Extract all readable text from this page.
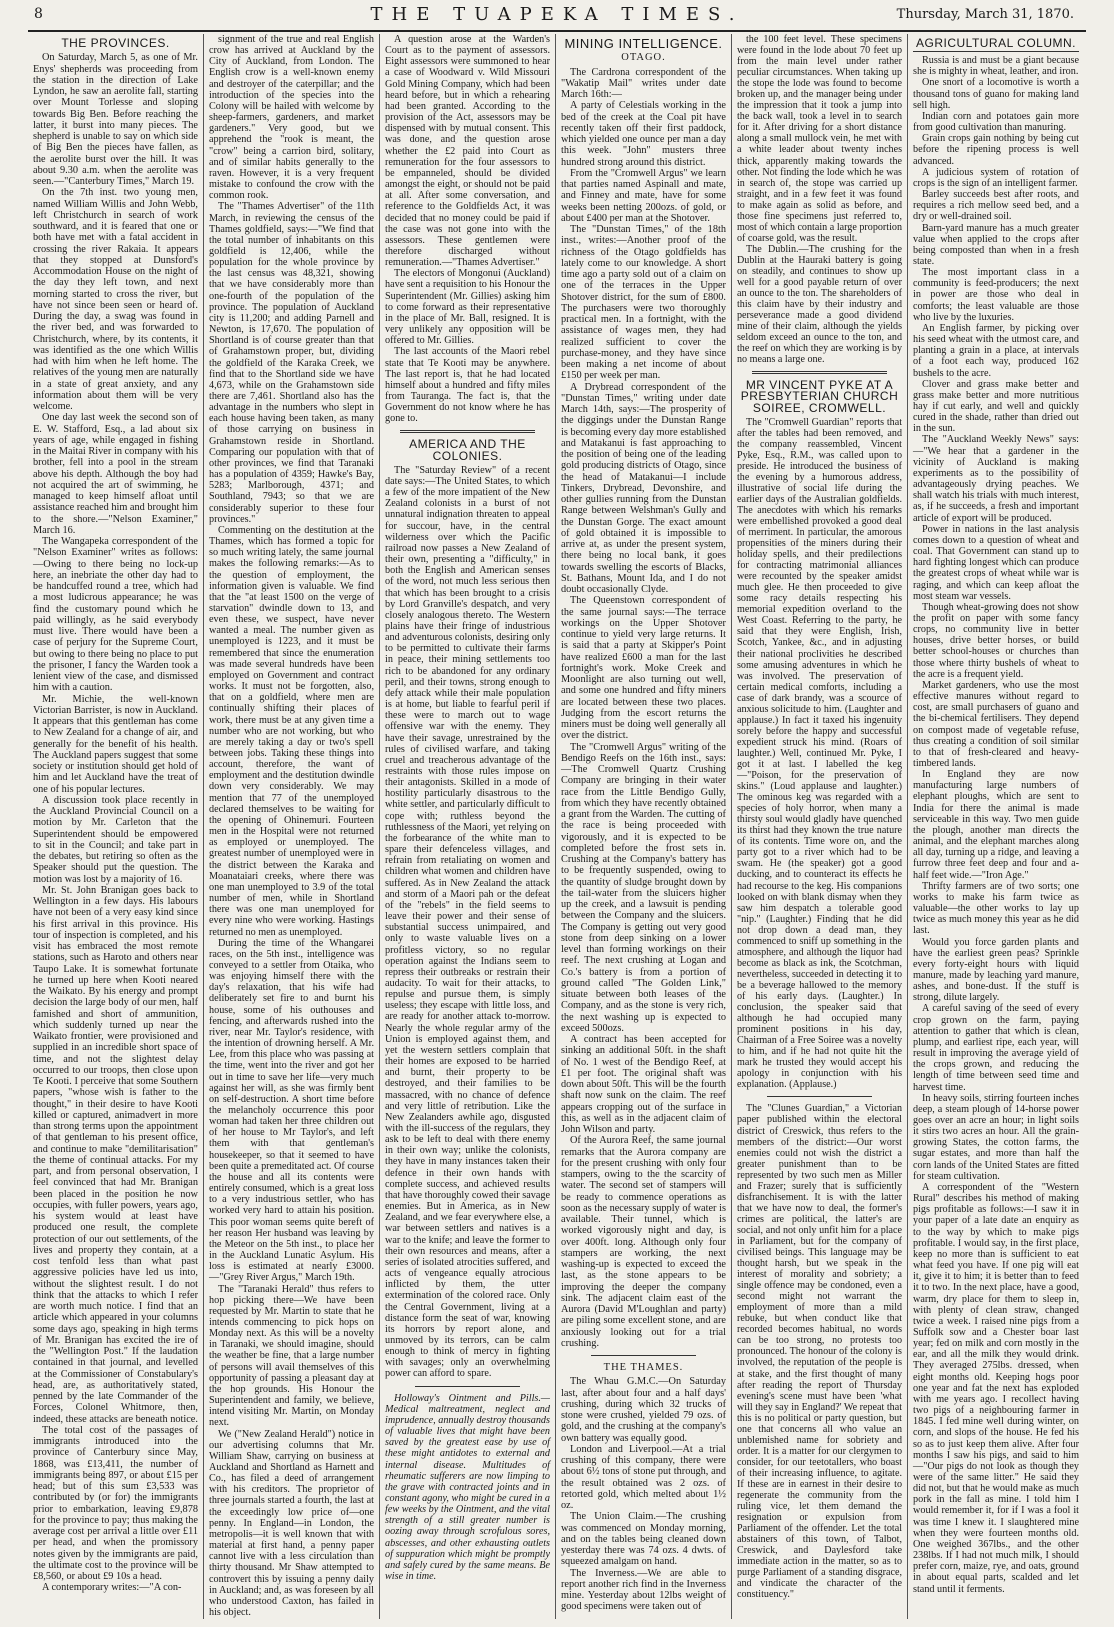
8	THE TUAPEKA TIMES.	Thursday, March 31, 1870.
THE PROVINCES.

On Saturday, March 5, as one of Mr. Enys' shepherds was proceeding from the station in the direction of Lake Lyndon, he saw an aerolite fall, starting over Mount Torlesse and sloping towards Big Ben. Before reaching the latter, it burst into many pieces. The shepherd is unable to say on which side of Big Ben the pieces have fallen, as the aerolite burst over the hill. It was about 9.30 a.m. when the aerolite was seen.—"Canterbury Times," March 19.

On the 7th inst. two young men, named William Willis and John Webb, left Christchurch in search of work southward, and it is feared that one or both have met with a fatal accident in crossing the river Rakaia. It appears that they stopped at Dunsford's Accommodation House on the night of the day they left town, and next morning started to cross the river, but have not since been seen or heard of. During the day, a swag was found in the river bed, and was forwarded to Christchurch, where, by its contents, it was identified as the one which Willis had with him when he left home. The relatives of the young men are naturally in a state of great anxiety, and any information about them will be very welcome.

One day last week the second son of E. W. Stafford, Esq., a lad about six years of age, while engaged in fishing in the Maitai River in company with his brother, fell into a pool in the stream above his depth. Although the boy had not acquired the art of swimming, he managed to keep himself afloat until assistance reached him and brought him to the shore.—"Nelson Examiner," March 16.

The Wangapeka correspondent of the "Nelson Examiner" writes as follows:—Owing to there being no lock-up here, an inebriate the other day had to be handcuffed round a tree, which had a most ludicrous appearance; he was find the customary pound which he paid willingly, as he said everybody must live. There would have been a case of perjury for the Supreme Court, but owing to there being no place to put the prisoner, I fancy the Warden took a lenient view of the case, and dismissed him with a caution.

Mr. Michie, the well-known Victorian Barrister, is now in Auckland. It appears that this gentleman has come to New Zealand for a change of air, and generally for the benefit of his health. The Auckland papers suggest that some society or institution should get hold of him and let Auckland have the treat of one of his popular lectures.

A discussion took place recently in the Auckland Provincial Council on a motion by Mr. Carleton that the Superintendent should be empowered to sit in the Council; and take part in the debates, but retiring so often as the Speaker should put the question. The motion was lost by a majority of 16.

Mr. St. John Branigan goes back to Wellington in a few days. His labours have not been of a very easy kind since his first arrival in this province. His tour of inspection is completed, and his visit has embraced the most remote stations, such as Haroto and others near Taupo Lake. It is somewhat fortunate he turned up here when Kooti neared the Waikato. By his energy and prompt decision the large body of our men, half famished and short of ammunition, which suddenly turned up near the Waikato frontier, were provisioned and supplied in an incredible short space of time, and not the slightest delay occurred to our troops, then close upon Te Kooti. I perceive that some Southern papers, "whose wish is father to the thought," in their desire to have Kooti killed or captured, animadvert in more than strong terms upon the appointment of that gentleman to his present office, and continue to make "demilitarisation" the theme of continual attacks. For my part, and from personal observation, I feel convinced that had Mr. Branigan been placed in the position he now occupies, with fuller powers, years ago, his system would at least have produced one result, the complete protection of our out settlements, of the lives and property they contain, at a cost tenfold less than what past aggressive policies have led us into, without the slightest result. I do not think that the attacks to which I refer are worth much notice. I find that an article which appeared in your columns some days ago, speaking in high terms of Mr. Branigan has excited the ire of the "Wellington Post." If the laudation contained in that journal, and levelled at the Commissioner of Constabulary's head, are, as authoritatively stated, penned by the late Commander of the Forces, Colonel Whitmore, then, indeed, these attacks are beneath notice.

The total cost of the passages of immigrants introduced into the province of Canterbury since May, 1868, was £13,411, the number of immigrants being 897, or about £15 per head; but of this sum £3,533 was contributed by (or for) the immigrants prior to embarkation, leaving £9,878 for the province to pay; thus making the average cost per arrival a little over £11 per head, and when the promissory notes given by the immigrants are paid, the ultimate cost to the province will be £8,560, or about £9 10s a head.

A contemporary writes:—"A con-

signment of the true and real English crow has arrived at Auckland by the City of Auckland, from London. The English crow is a well-known enemy and destroyer of the caterpillar; and the introduction of the species into the Colony will be hailed with welcome by sheep-farmers, gardeners, and market gardeners." Very good, but we apprehend the "rook is meant, the "crow" being a carrion bird, solitary, and of similar habits generally to the raven. However, it is a very frequent mistake to confound the crow with the common rook.

The "Thames Advertiser" of the 11th March, in reviewing the census of the Thames goldfield, says:—"We find that the total number of inhabitants on this goldfield is 12,406, while the population for the whole province by the last census was 48,321, showing that we have considerably more than one-fourth of the population of the province. The population of Auckland city is 11,200; and adding Parnell and Newton, is 17,670. The population of Shortland is of course greater than that of Grahamstown proper, but, dividing the goldfield of the Karaka Creek, we find that to the Shortland side we have 4,673, while on the Grahamstown side there are 7,461. Shortland also has the advantage in the numbers who slept in each house having been taken, as many of those carrying on business in Grahamstown reside in Shortland. Comparing our population with that of other provinces, we find that Taranaki has a population of 4359; Hawke's Bay, 5283; Marlborough, 4371; and Southland, 7943; so that we are considerably superior to these four provinces."

Commenting on the destitution at the Thames, which has formed a topic for so much writing lately, the same journal makes the following remarks:—As to the question of employment, the information given is valuable. We find that the "at least 1500 on the verge of starvation" dwindle down to 13, and even these, we suspect, have never wanted a meal. The number given as unemployed is 1223, and it must be remembered that since the enumeration was made several hundreds have been employed on Government and contract works. It must not be forgotten, also, that on a goldfield, where men are continually shifting their places of work, there must be at any given time a number who are not working, but who are merely taking a day or two's spell between jobs. Taking these things into account, therefore, the want of employment and the destitution dwindle down very considerably. We may mention that 77 of the unemployed declared themselves to be waiting for the opening of Ohinemuri. Fourteen men in the Hospital were not returned as employed or unemployed. The greatest number of unemployed were in the district between the Karaka and Moanataiari creeks, where there was one man unemployed to 3.9 of the total number of men, while in Shortland there was one man unemployed for every nine who were working. Hastings returned no men as unemployed.

During the time of the Whangarei races, on the 5th inst., intelligence was conveyed to a settler from Otaika, who was enjoying himself there with the day's relaxation, that his wife had deliberately set fire to and burnt his house, some of his outhouses and fencing, and afterwards rushed into the river, near Mr. Taylor's residence, with the intention of drowning herself. A Mr. Lee, from this place who was passing at the time, went into the river and got her out in time to save her life—very much against her will, as she was firmly bent on self-destruction. A short time before the melancholy occurrence this poor woman had taken her three children out of her house to Mr Taylor's, and left them with that gentleman's housekeeper, so that it seemed to have been quite a premeditated act. Of course the house and all its contents were entirely consumed, which is a great loss to a very industrious settler, who has worked very hard to attain his position. This poor woman seems quite bereft of her reason Her husband was leaving by the Meteor on the 5th inst., to place her in the Auckland Lunatic Asylum. His loss is estimated at nearly £3000.—"Grey River Argus," March 19th.

The "Taranaki Herald" thus refers to hop picking there—We have been requested by Mr. Martin to state that he intends commencing to pick hops on Monday next. As this will be a novelty in Taranaki, we should imagine, should the weather be fine, that a large number of persons will avail themselves of this opportunity of passing a pleasant day at the hop grounds. His Honour the Superintendent and family, we believe, intend visiting Mr. Martin, on Monday next.

We ("New Zealand Herald") notice in our advertising columns that Mr. William Shaw, carrying on business at Auckland and Shortland as Harnett and Co., has filed a deed of arrangement with his creditors. The proprietor of three journals started a fourth, the last at the exceedingly low price of—one penny. In England—in London, the metropolis—it is well known that with material at first hand, a penny paper cannot live with a less circulation than thirty thousand. Mr Shaw attempted to controvert this by issuing a penny daily in Auckland; and, as was foreseen by all who understood Caxton, has failed in his object.

A question arose at the Warden's Court as to the payment of assessors. Eight assessors were summoned to hear a case of Woodward v. Wild Missouri Gold Mining Company, which had been heard before, but in which a rehearing had been granted. According to the provision of the Act, assessors may be dispensed with by mutual consent. This was done, and the question arose whether the £2 paid into Court as remuneration for the four assessors to be empanneled, should be divided amongst the eight, or should not be paid at all. After some conversation, and reference to the Goldfields Act, it was decided that no money could be paid if the case was not gone into with the assessors. These gentlemen were therefore discharged without remuneration.—"Thames Advertiser."

The electors of Mongonui (Auckland) have sent a requisition to his Honour the Superintendent (Mr. Gillies) asking him to come forward as their representative in the place of Mr. Ball, resigned. It is very unlikely any opposition will be offered to Mr. Gillies.

The last accounts of the Maori rebel state that Te Kooti may be anywhere. The last report is, that he had located himself about a hundred and fifty miles from Tauranga. The fact is, that the Government do not know where he has gone to.

AMERICA AND THE COLONIES.

The "Saturday Review" of a recent date says:—The United States, to which a few of the more impatient of the New Zealand colonists in a burst of not unnatural indignation threaten to appeal for succour, have, in the central wilderness over which the Pacific railroad now passes a New Zealand of their own, presenting a "difficulty," in both the English and American senses of the word, not much less serious then that which has been brought to a crisis by Lord Granville's despatch, and very closely analogous thereto. The Western plains have their fringe of industrious and adventurous colonists, desiring only to be permitted to cultivate their farms in peace, their mining settlements too rich to be abandoned for any ordinary peril, and their towns, strong enough to defy attack while their male population is at home, but liable to fearful peril if these were to march out to wage offensive war with the enemy. They have their savage, unrestrained by the rules of civilised warfare, and taking cruel and treacherous advantage of the restraints with those rules impose on their antagonists. Skilled in a mode of hostility particularly disastrous to the white settler, and particularly difficult to cope with; ruthless beyond the ruthlessness of the Maori, yet relying on the forbearance of the white man to spare their defenceless villages, and refrain from retaliating on women and children what women and children have suffered. As in New Zealand the attack and storm of a Maori pah or the defeat of the "rebels" in the field seems to leave their power and their sense of substantial success unimpaired, and only to waste valuable lives on a profitless victory, so no regular operation against the Indians seem to repress their outbreaks or restrain their audacity. To wait for their attacks, to repulse and pursue them, is simply useless; they escape with little loss, and are ready for another attack to-morrow. Nearly the whole regular army of the Union is employed against them, and yet the western settlers complain that their homes are exposed to be harried and burnt, their property to be destroyed, and their families to be massacred, with no chance of defence and very little of retribution. Like the New Zealanders awhile ago, disgusted with the ill-success of the regulars, they ask to be left to deal with there enemy in their own way; unlike the colonists, they have in many instances taken their defence in their own hands with complete success, and achieved results that have thoroughly cowed their savage enemies. But in America, as in New Zealand, and we fear everywhere else, a war between settlers and natives is a war to the knife; and leave the former to their own resources and means, after a series of isolated atrocities suffered, and acts of vengeance equally atrocious inflicted by them, the utter extermination of the colored race. Only the Central Government, living at a distance form the seat of war, knowing its horrors by report alone, and unmoved by its terrors, can be calm enough to think of mercy in fighting with savages; only an overwhelming power can afford to spare.

Holloway's Ointment and Pills.—Medical maltreatment, neglect and imprudence, annually destroy thousands of valuable lives that might have been saved by the greatest ease by use of these might antidotes to external and internal disease. Multitudes of rheumatic sufferers are now limping to the grave with contracted joints and in constant agony, who might be cured in a few weeks by the Ointment, and the vital strength of a still greater number is oozing away through scrofulous sores, abscesses, and other exhausting outlets of suppuration which might be promptly and safely cured by the same means. Be wise in time.

MINING INTELLIGENCE.
OTAGO.

The Cardrona correspondent of the "Wakatip Mail" writes under date March 16th:—

A party of Celestials working in the bed of the creek at the Coal pit have recently taken off their first paddock, which yielded one ounce per man a day this week. "John" musters three hundred strong around this district.

From the "Cromwell Argus" we learn that parties named Aspinall and mate, and Finney and mate, have for some weeks been netting 200ozs. of gold, or about £400 per man at the Shotover.

The "Dunstan Times," of the 18th inst., writes:—Another proof of the richness of the Otago goldfields has lately come to our knowledge. A short time ago a party sold out of a claim on one of the terraces in the Upper Shotover district, for the sum of £800. The purchasers were two thoroughly practical men. In a fortnight, with the assistance of wages men, they had realized sufficient to cover the purchase-money, and they have since been making a net income of about £150 per week per man.

A Drybread correspondent of the "Dunstan Times," writing under date March 14th, says:—The prosperity of the diggings under the Dunstan Range is becoming every day more established and Matakanui is fast approaching to the position of being one of the leading gold producing districts of Otago, since the head of Matakanui—I include Tinkers, Drybread, Devonshire, and other gullies running from the Dunstan Range between Welshman's Gully and the Dunstan Gorge. The exact amount of gold obtained it is impossible to arrive at, as under the present system, there being no local bank, it goes towards swelling the escorts of Blacks, St. Bathans, Mount Ida, and I do not doubt occasionally Clyde.

The Queenstown correspondent of the same journal says:—The terrace workings on the Upper Shotover continue to yield very large returns. It is said that a party at Skipper's Point have realized £600 a man for the last fortnight's work. Moke Creek and Moonlight are also turning out well, and some one hundred and fifty miners are located between these two places. Judging from the escort returns the miners must be doing well generally all over the district.

The "Cromwell Argus" writing of the Bendigo Reefs on the 16th inst., says:—The Cromwell Quartz Crushing Company are bringing in their water race from the Little Bendigo Gully, from which they have recently obtained a grant from the Warden. The cutting of the race is being proceeded with vigorously, and it is expected to be completed before the frost sets in. Crushing at the Company's battery has to be frequently suspended, owing to the quantity of sludge brought down by the tail-water from the sluicers higher up the creek, and a lawsuit is pending between the Company and the sluicers. The Company is getting out very good stone from deep sinking on a lower level than forming workings on their reef. The next crushing at Logan and Co.'s battery is from a portion of ground called "The Golden Link," situate between both leases of the Company, and as the stone is very rich, the next washing up is expected to exceed 500ozs.

A contract has been accepted for sinking an additional 50ft. in the shaft of No. 1 west of the Bendigo Reef, at £1 per foot. The original shaft was down about 50ft. This will be the fourth shaft now sunk on the claim. The reef appears cropping out of the surface in this, as well as in the adjacent claim of John Wilson and party.

Of the Aurora Reef, the same journal remarks that the Aurora company are for the present crushing with only four stampers, owing to the the scarcity of water. The second set of stampers will be ready to commence operations as soon as the necessary supply of water is available. Their tunnel, which is worked vigorously night and day, is over 400ft. long. Although only four stampers are working, the next washing-up is expected to exceed the last, as the stone appears to be improving the deeper the company sink. The adjacent claim east of the Aurora (David M'Loughlan and party) are piling some excellent stone, and are anxiously looking out for a trial crushing.

THE THAMES.

The Whau G.M.C.—On Saturday last, after about four and a half days' crushing, during which 32 trucks of stone were crushed, yielded 79 ozs. of gold, and the crushing at the company's own battery was equally good.

London and Liverpool.—At a trial crushing of this company, there were about 6½ tons of stone put through, and the result obtained was 2 ozs. of retorted gold, which melted about 1½ oz.

The Union Claim.—The crushing was commenced on Monday morning, and on the tables being cleaned down yesterday there was 74 ozs. 4 dwts. of squeezed amalgam on hand.

The Inverness.—We are able to report another rich find in the Inverness mine. Yesterday about 12lbs weight of good specimens were taken out of

the 100 feet level. These specimens were found in the lode about 70 feet up from the main level under rather peculiar circumstances. When taking up the stope the lode was found to become broken up, and the manager being under the impression that it took a jump into the back wall, took a level in to search for it. After driving for a short distance along a small mullock vein, he met with a white leader about twenty inches thick, apparently making towards the other. Not finding the lode which he was in search of, the stope was carried up straight, and in a few feet it was found to make again as solid as before, and those fine specimens just referred to, most of which contain a large proportion of coarse gold, was the result.

The Dublin.—The crushing for the Dublin at the Hauraki battery is going on steadily, and continues to show up well for a good payable return of over an ounce to the ton. The shareholders of this claim have by their industry and perseverance made a good dividend mine of their claim, although the yields seldom exceed an ounce to the ton, and the reef on which they are working is by no means a large one.

MR VINCENT PYKE AT A PRESBYTERIAN CHURCH SOIREE, CROMWELL.

The "Cromwell Guardian" reports that after the tables had been removed, and the company reassembled, Vincent Pyke, Esq., R.M., was called upon to preside. He introduced the business of the evening by a humorous address, illustrative of social life during the earlier days of the Australian goldfields. The anecdotes with which his remarks were embellished provoked a good deal of merriment. In particular, the amorous propensities of the miners during their holiday spells, and their predilections for contracting matrimonial alliances were recounted by the speaker amidst much glee. He then proceeded to give some racy details respecting his memorial expedition overland to the West Coast. Referring to the party, he said that they were English, Irish, Scotch, Yankee, &c., and in adjusting their national proclivities he described some amusing adventures in which he was involved. The preservation of certain medical comforts, including a case of dark brandy, was a scource of anxious solicitude to him. (Laughter and applause.) In fact it taxed his ingenuity sorely before the happy and successful expedient struck his mind. (Roars of laughter.) Well, continued Mr. Pyke, I got it at last. I labelled the keg—"Poison, for the preservation of skins." (Loud applause and laughter.) The ominous keg was regarded with a species of holy horror, when many a thirsty soul would gladly have quenched its thirst had they known the true nature of its contents. Time wore on, and the party got to a river which had to be swam. He (the speaker) got a good ducking, and to counteract its effects he had recourse to the keg. His companions looked on with blank dismay when they saw him despatch a tolerable good "nip." (Laughter.) Finding that he did not drop down a dead man, they commenced to sniff up something in the atmosphere, and although the liquor had become as black as ink, the Scotchman, nevertheless, succeeded in detecting it to be a beverage hallowed to the memory of his early days. (Laughter.) In conclusion, the speaker said that although he had occupied many prominent positions in his day, Chairman of a Free Soiree was a novelty to him, and if he had not quite hit the mark he trusted they would accept his apology in conjunction with his explanation. (Applause.)

The "Clunes Guardian," a Victorian paper published within the electoral district of Creswick, thus refers to the members of the district:—Our worst enemies could not wish the district a greater punishment than to be represented by two such men as Miller and Frazer; surely that is sufficiently disfranchisement. It is with the latter that we have now to deal, the former's crimes are political, the latter's are social, and not only unfit him for a place in Parliament, but for the company of civilised beings. This language may be thought harsh, but we speak in the interest of morality and sobriety; a single offence may be condoned, even a second might not warrant the employment of more than a mild rebuke, but when conduct like that recorded becomes habitual, no words can be too strong, no protests too pronounced. The honour of the colony is involved, the reputation of the people is at stake, and the first thought of many after reading the report of Thursday evening's scene must have been 'what will they say in England?' We repeat that this is no political or party question, but one that concerns all who value an unblemished name for sobriety and order. It is a matter for our clergymen to consider, for our teetotallers, who boast of their increasing influence, to agitate. If these are in earnest in their desire to regenerate the community from the ruling vice, let them demand the resignation or expulsion from Parliament of the offender. Let the total abstainers of this town, of Talbot, Creswick, and Daylesford take immediate action in the matter, so as to purge Parliament of a standing disgrace, and vindicate the character of the constituency."

AGRICULTURAL COLUMN.

Russia is and must be a giant because she is mighty in wheat, leather, and iron.

One snort of a locomotive is worth a thousand tons of guano for making land sell high.

Indian corn and potatoes gain more from good cultivation than manuring.

Grain crops gain nothing by being cut before the ripening process is well advanced.

A judicious system of rotation of crops is the sign of an intelligent farmer.

Barley succeeds best after roots, and requires a rich mellow seed bed, and a dry or well-drained soil.

Barn-yard manure has a much greater value when applied to the crops after being composted than when in a fresh state.

The most important class in a community is feed-producers; the next in power are those who deal in comforts; the least valuable are those who live by the luxuries.

An English farmer, by picking over his seed wheat with the utmost care, and planting a grain in a place, at intervals of a foot each way, produced 162 bushels to the acre.

Clover and grass make better and grass make better and more nutritious hay if cut early, and well and quickly cured in the shade, rather than dried out in the sun.

The "Auckland Weekly News" says:—"We hear that a gardener in the vicinity of Auckland is making experiments as to the possibility of advantageously drying peaches. We shall watch his trials with much interest, as, if he succeeds, a fresh and important article of export will be produced.

Power in nations in the last analysis comes down to a question of wheat and coal. That Government can stand up to hard fighting longest which can produce the greatest crops of wheat while war is raging, and which can keep afloat the most steam war vessels.

Though wheat-growing does not show the profit on paper with some fancy crops, no community live in better houses, drive better horses, or build better school-houses or churches than those where thirty bushels of wheat to the acre is a frequent yield.

Market gardeners, who use the most effective manures without regard to cost, are small purchasers of guano and the bi-chemical fertilisers. They depend on compost made of vegetable refuse, thus creating a condition of soil similar to that of fresh-cleared and heavy-timbered lands.

In England they are now manufacturing large numbers of elephant ploughs, which are sent to India for there the animal is made serviceable in this way. Two men guide the plough, another man directs the animal, and the elephant marches along all day, turning up a ridge, and leaving a furrow three feet deep and four and a-half feet wide.—"Iron Age."

Thrifty farmers are of two sorts; one works to make his farm twice as valuable—the other works to lay up twice as much money this year as he did last.

Would you force garden plants and have the earliest green peas? Sprinkle every forty-eight hours with liquid manure, made by leaching yard manure, ashes, and bone-dust. If the stuff is strong, dilute largely.

A careful saving of the seed of every crop grown on the farm, paying attention to gather that which is clean, plump, and earliest ripe, each year, will result in improving the average yield of the crops grown, and reducing the length of time between seed time and harvest time.

In heavy soils, stirring fourteen inches deep, a steam plough of 14-horse power goes over an acre an hour; in light soils it stirs two acres an hour. All the grain-growing States, the cotton farms, the sugar estates, and more than half the corn lands of the United States are fitted for steam cultivation.

A correspondent of the "Western Rural" describes his method of making pigs profitable as follows:—I saw it in your paper of a late date an enquiry as to the way by which to make pigs profitable. I would say, in the first place, keep no more than is sufficient to eat what feed you have. If one pig will eat it, give it to him; it is better than to feed it to two. In the next place, have a good, warm, dry place for them to sleep in, with plenty of clean straw, changed twice a week. I raised nine pigs from a Suffolk sow and a Chester boar last year; fed on milk and corn mostly in the ear, and all the milk they would drink. They averaged 275lbs. dressed, when eight months old. Keeping hogs poor one year and fat the next has exploded with me years ago. I recollect having two pigs of a neighbouring farmer in 1845. I fed mine well during winter, on corn, and slops of the house. He fed his so as to just keep them alive. After four months I saw his pigs, and said to him—"Our pigs do not look as though they were of the same litter." He said they did not, but that he would make as much pork in the fall as mine. I told him I would remember it, for if I was a fool it was time I knew it. I slaughtered mine when they were fourteen months old. One weighed 367lbs., and the other 238lbs. If I had not much milk, I should prefer corn, maize, rye, and oats, ground in about equal parts, scalded and let stand until it ferments.
